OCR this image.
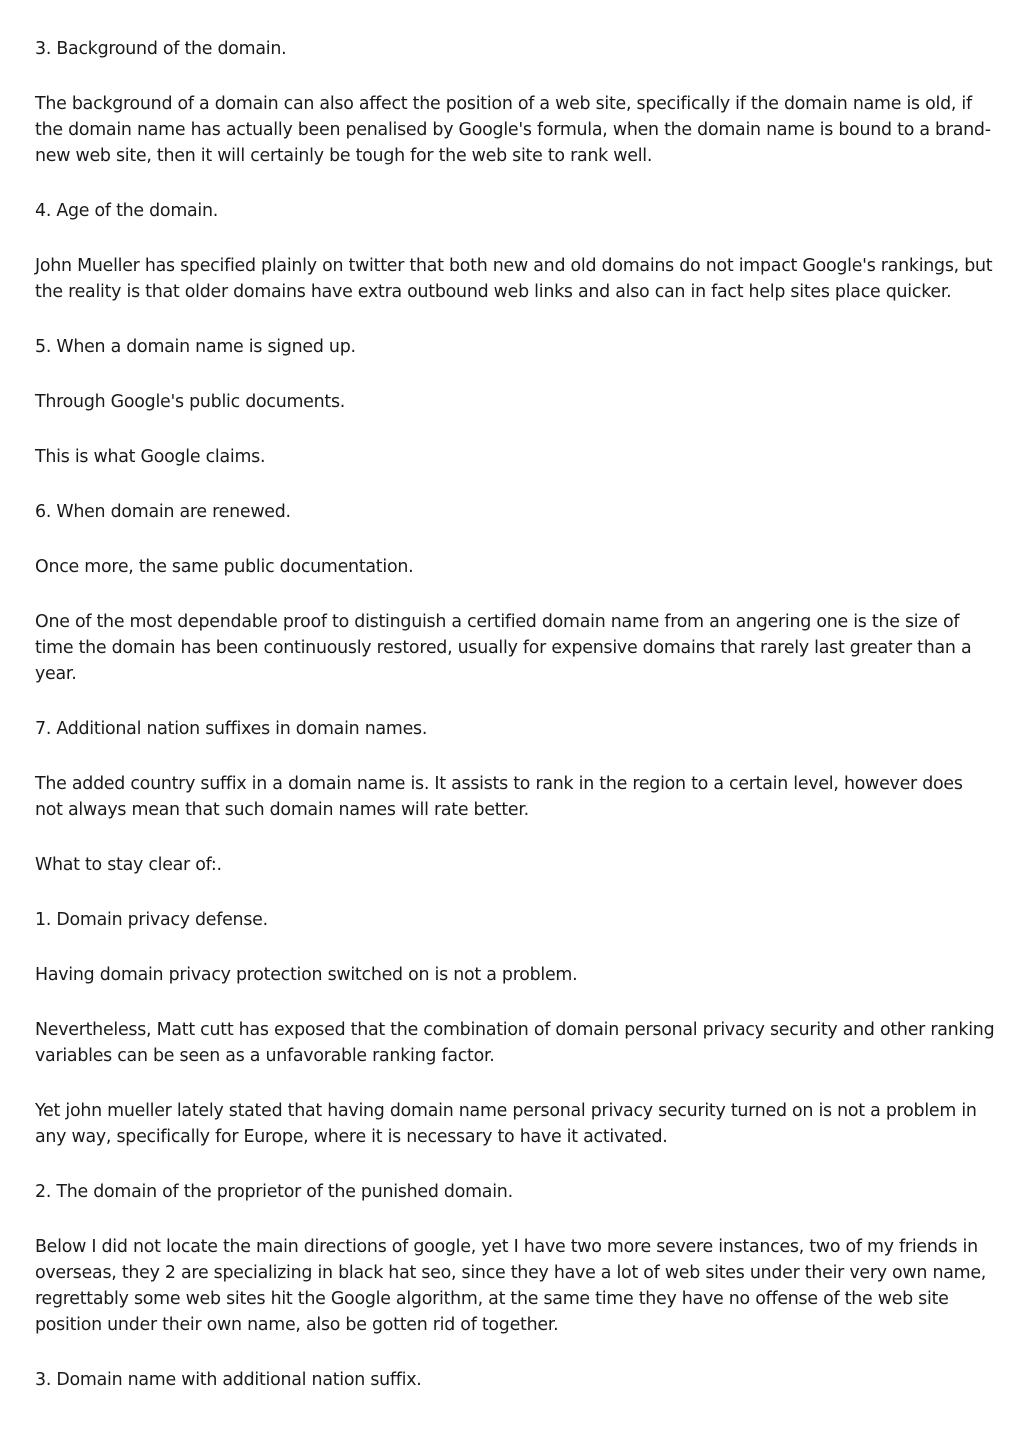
3. Background of the domain.

The background of a domain can also affect the position of a web site, specifically if the domain name is old, if the domain name has actually been penalised by Google's formula, when the domain name is bound to a brand-new web site, then it will certainly be tough for the web site to rank well.

4. Age of the domain.

John Mueller has specified plainly on twitter that both new and old domains do not impact Google's rankings, but the reality is that older domains have extra outbound web links and also can in fact help sites place quicker.

5. When a domain name is signed up.

Through Google's public documents.

This is what Google claims.

6. When domain are renewed.

Once more, the same public documentation.

One of the most dependable proof to distinguish a certified domain name from an angering one is the size of time the domain has been continuously restored, usually for expensive domains that rarely last greater than a year.

7. Additional nation suffixes in domain names.

The added country suffix in a domain name is. It assists to rank in the region to a certain level, however does not always mean that such domain names will rate better.

What to stay clear of:.

1. Domain privacy defense.

Having domain privacy protection switched on is not a problem.

Nevertheless, Matt cutt has exposed that the combination of domain personal privacy security and other ranking variables can be seen as a unfavorable ranking factor.

Yet john mueller lately stated that having domain name personal privacy security turned on is not a problem in any way, specifically for Europe, where it is necessary to have it activated.

2. The domain of the proprietor of the punished domain.

Below I did not locate the main directions of google, yet I have two more severe instances, two of my friends in overseas, they 2 are specializing in black hat seo, since they have a lot of web sites under their very own name, regrettably some web sites hit the Google algorithm, at the same time they have no offense of the web site position under their own name, also be gotten rid of together.

3. Domain name with additional nation suffix.
